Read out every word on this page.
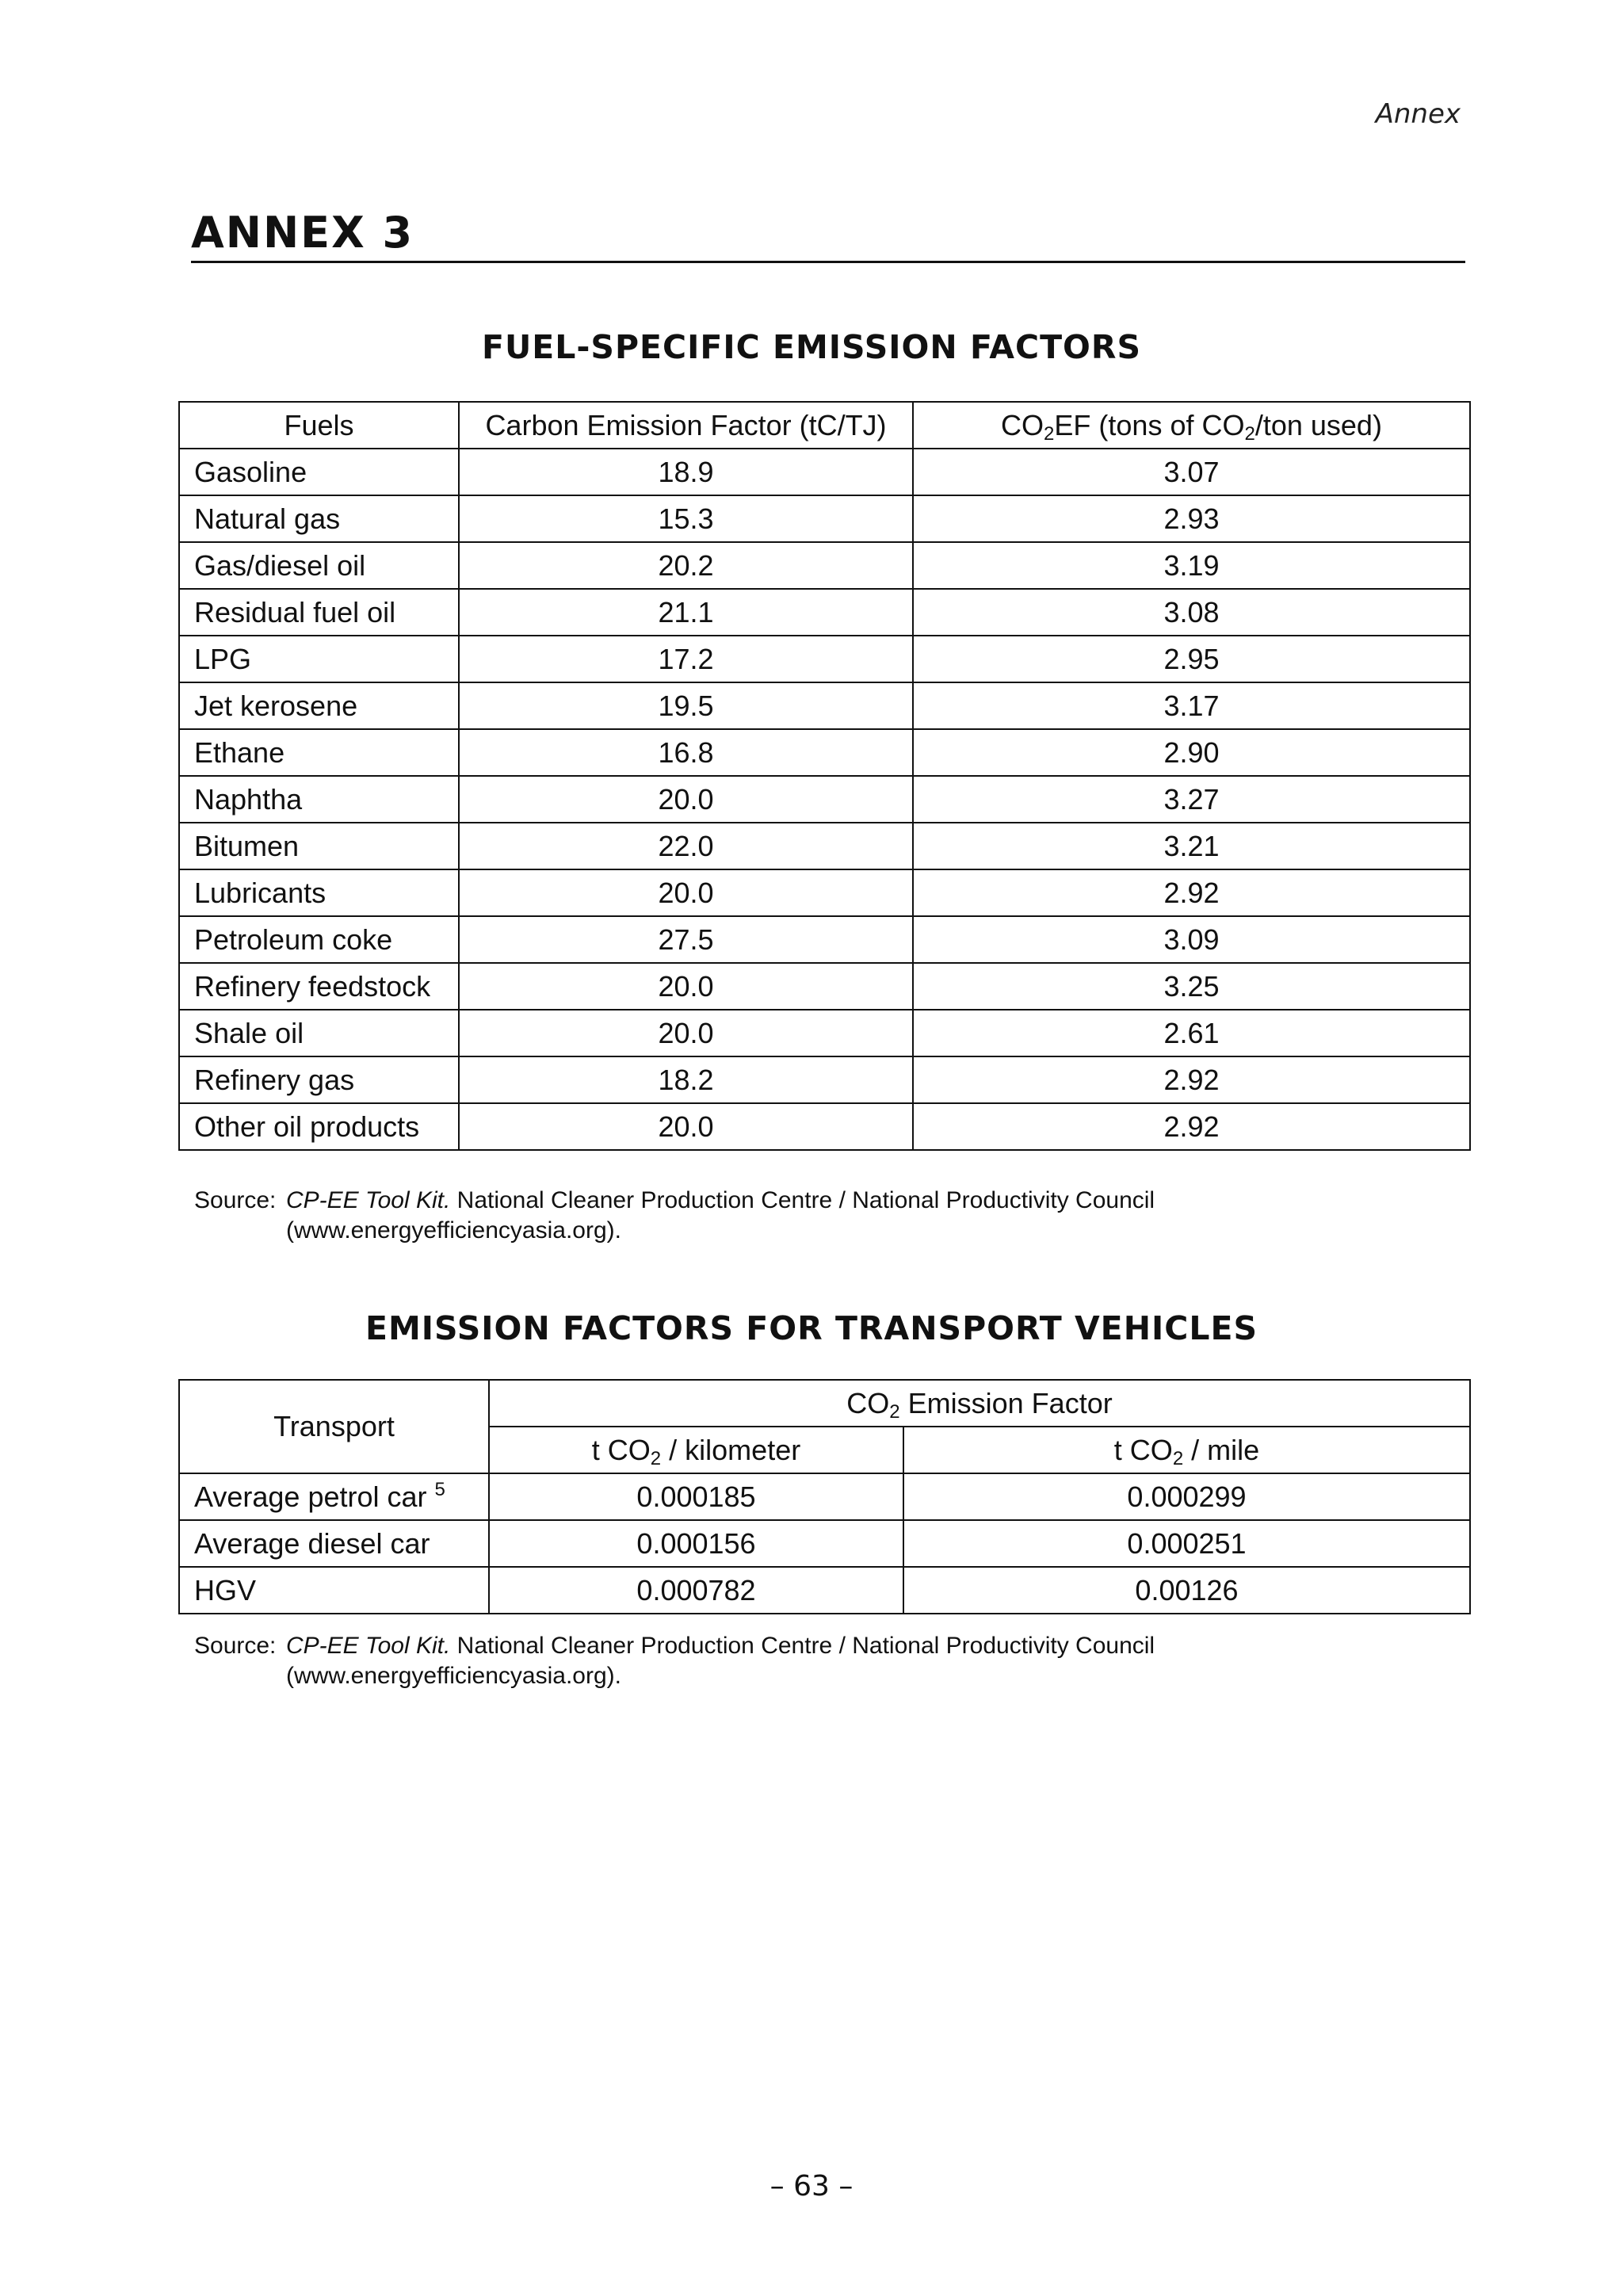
Annex
ANNEX 3
FUEL-SPECIFIC EMISSION FACTORS
Fuels	Carbon Emission Factor (tC/TJ)	$CO_2EF$ (tons of $CO_2$/ton used)
Gasoline	18.9	3.07
Natural gas	15.3	2.93
Gas/diesel oil	20.2	3.19
Residual fuel oil	21.1	3.08
LPG	17.2	2.95
Jet kerosene	19.5	3.17
Ethane	16.8	2.90
Naphtha	20.0	3.27
Bitumen	22.0	3.21
Lubricants	20.0	2.92
Petroleum coke	27.5	3.09
Refinery feedstock	20.0	3.25
Shale oil	20.0	2.61
Refinery gas	18.2	2.92
Other oil products	20.0	2.92
Source: CP-EE Tool Kit. National Cleaner Production Centre / National Productivity Council
(www.energyefficiencyasia.org).
EMISSION FACTORS FOR TRANSPORT VEHICLES
Transport	$CO_2$ Emission Factor	
	t $CO_2$ / kilometer	t $CO_2$ / mile
Average petrol car $^5$	0.000185	0.000299
Average diesel car	0.000156	0.000251
HGV	0.000782	0.00126
Source: CP-EE Tool Kit. National Cleaner Production Centre / National Productivity Council
(www.energyefficiencyasia.org).
– 63 –
